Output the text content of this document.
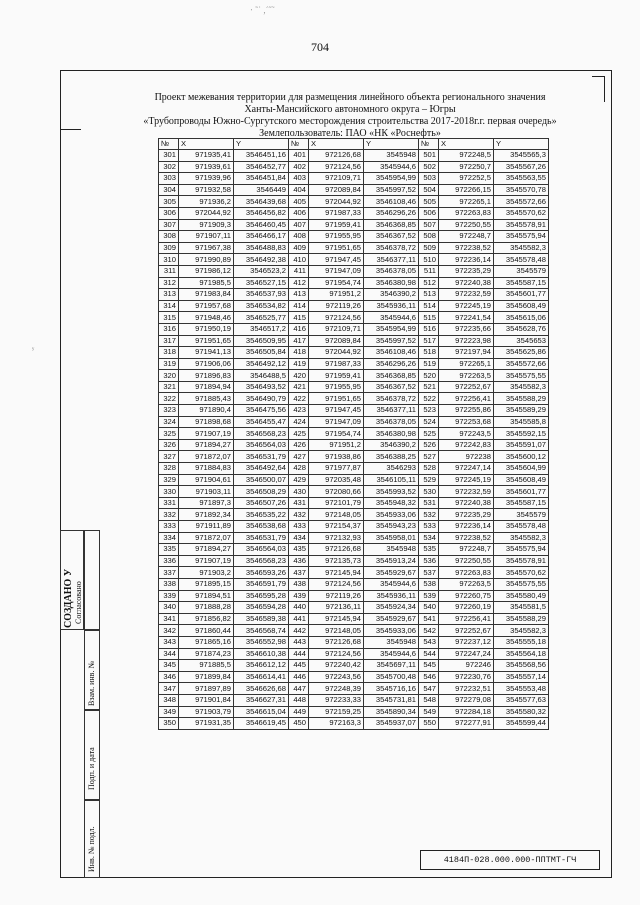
‧ ˜˙ ,´˝˜
704
ʸ
Проект межевания территории для размещения линейного объекта регионального значения
Ханты-Мансийского автономного округа – Югры
«Трубопроводы Южно-Сургутского месторождения строительства 2017-2018г.г. первая очередь»
Землепользователь: ПАО «НК «Роснефть»
№	X	Y	№	X	Y	№	X	Y
301	971935,41	3546451,16	401	972126,68	3545948	501	972248,5	3545565,3
302	971939,61	3546452,77	402	972124,56	3545944,6	502	972250,7	3545567,26
303	971939,96	3546451,84	403	972109,71	3545954,99	503	972252,5	3545563,55
304	971932,58	3546449	404	972089,84	3545997,52	504	972266,15	3545570,78
305	971936,2	3546439,68	405	972044,92	3546108,46	505	972265,1	3545572,66
306	972044,92	3546456,82	406	971987,33	3546296,26	506	972263,83	3545570,62
307	971909,3	3546460,45	407	971959,41	3546368,85	507	972250,55	3545578,91
308	971907,11	3546466,17	408	971955,95	3546367,52	508	972248,7	3545575,94
309	971967,38	3546488,83	409	971951,65	3546378,72	509	972238,52	3545582,3
310	971990,89	3546492,38	410	971947,45	3546377,11	510	972236,14	3545578,48
311	971986,12	3546523,2	411	971947,09	3546378,05	511	972235,29	3545579
312	971985,5	3546527,15	412	971954,74	3546380,98	512	972240,38	3545587,15
313	971983,84	3546537,93	413	971951,2	3546390,2	513	972232,59	3545601,77
314	971957,68	3546534,82	414	972119,26	3545936,11	514	972245,19	3545608,49
315	971948,46	3546525,77	415	972124,56	3545944,6	515	972241,54	3545615,06
316	971950,19	3546517,2	416	972109,71	3545954,99	516	972235,66	3545628,76
317	971951,65	3546509,95	417	972089,84	3545997,52	517	972223,98	3545653
318	971941,13	3546505,84	418	972044,92	3546108,46	518	972197,94	3545625,86
319	971906,06	3546492,12	419	971987,33	3546296,26	519	972265,1	3545572,66
320	971896,83	3546488,5	420	971959,41	3546368,85	520	972263,5	3545575,55
321	971894,94	3546493,52	421	971955,95	3546367,52	521	972252,67	3545582,3
322	971885,43	3546490,79	422	971951,65	3546378,72	522	972256,41	3545588,29
323	971890,4	3546475,56	423	971947,45	3546377,11	523	972255,86	3545589,29
324	971898,68	3546455,47	424	971947,09	3546378,05	524	972253,68	3545585,8
325	971907,19	3546568,23	425	971954,74	3546380,98	525	972243,5	3545592,15
326	971894,27	3546564,03	426	971951,2	3546390,2	526	972242,83	3545591,07
327	971872,07	3546531,79	427	971938,86	3546388,25	527	972238	3545600,12
328	971884,83	3546492,64	428	971977,87	3546293	528	972247,14	3545604,99
329	971904,61	3546500,07	429	972035,48	3546105,11	529	972245,19	3545608,49
330	971903,11	3546508,29	430	972080,66	3545993,52	530	972232,59	3545601,77
331	971897,3	3546507,26	431	972101,79	3545948,32	531	972240,38	3545587,15
332	971892,34	3546535,22	432	972148,05	3545933,06	532	972235,29	3545579
333	971911,89	3546538,68	433	972154,37	3545943,23	533	972236,14	3545578,48
334	971872,07	3546531,79	434	972132,93	3545958,01	534	972238,52	3545582,3
335	971894,27	3546564,03	435	972126,68	3545948	535	972248,7	3545575,94
336	971907,19	3546568,23	436	972135,73	3545913,24	536	972250,55	3545578,91
337	971903,2	3546593,26	437	972145,94	3545929,67	537	972263,83	3545570,62
338	971895,15	3546591,79	438	972124,56	3545944,6	538	972263,5	3545575,55
339	971894,51	3546595,28	439	972119,26	3545936,11	539	972260,75	3545580,49
340	971888,28	3546594,28	440	972136,11	3545924,34	540	972260,19	3545581,5
341	971856,82	3546589,38	441	972145,94	3545929,67	541	972256,41	3545588,29
342	971860,44	3546568,74	442	972148,05	3545933,06	542	972252,67	3545582,3
343	971865,16	3546552,98	443	972126,68	3545948	543	972237,12	3545555,18
344	971874,23	3546610,38	444	972124,56	3545944,6	544	972247,24	3545564,18
345	971885,5	3546612,12	445	972240,42	3545697,11	545	972246	3545568,56
346	971899,84	3546614,41	446	972243,56	3545700,48	546	972230,76	3545557,14
347	971897,89	3546626,68	447	972248,39	3545716,16	547	972232,51	3545553,48
348	971901,84	3546627,31	448	972233,33	3545731,81	548	972279,08	3545577,63
349	971903,79	3546615,04	449	972159,25	3545890,34	549	972284,18	3545580,32
350	971931,35	3546619,45	450	972163,3	3545937,07	550	972277,91	3545599,44
СОЗДАНО У Согласовано
Взам. инв. №
Подп. и дата
Инв. № подл.	4184П-028.000.000-ППТМТ-ГЧ
